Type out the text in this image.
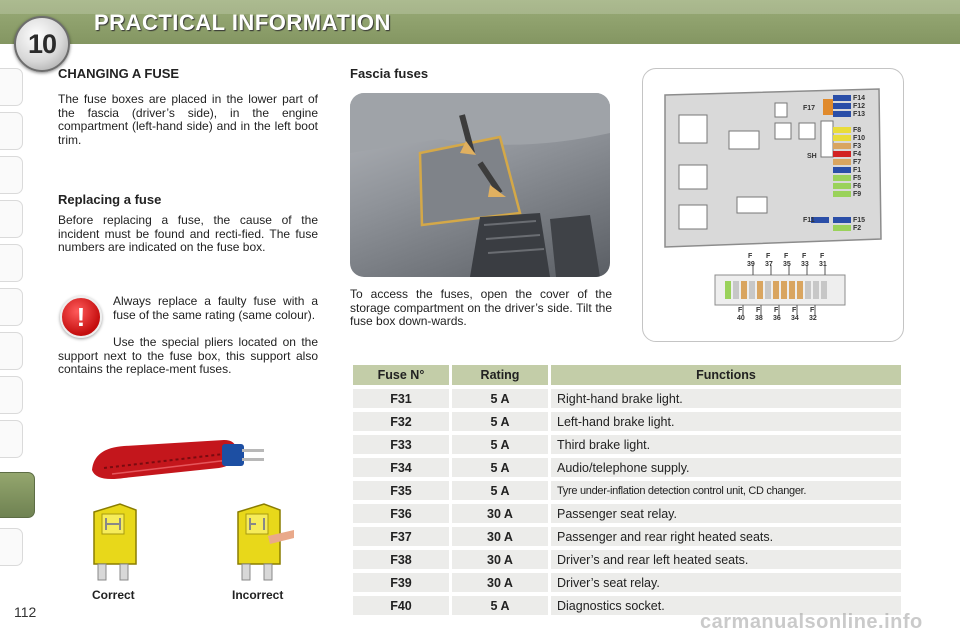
PRACTICAL INFORMATION
10
CHANGING A FUSE

The fuse boxes are placed in the lower part of the fascia (driver’s side), in the engine compartment (left-hand side) and in the left boot trim.

Replacing a fuse

Before replacing a fuse, the cause of the incident must be found and recti-fied. The fuse numbers are indicated on the fuse box.

!

Always replace a faulty fuse with a fuse of the same rating (same colour).

Use the special pliers located on the support next to the fuse box, this support also contains the replace-ment fuses.

Correct	Incorrect
Fascia fuses

To access the fuses, open the cover of the storage compartment on the driver’s side. Tilt the fuse box down-wards.

F14
F12
F13
F8
F10
F3
F4
F7
F1
F5
F6
F9
F15
F2
F17
SH
F11
F
39
F
37
F
35
F
33
F
31
F
40
F
38
F
36
F
34
F
32
Fuse N°	Rating	Functions
F31	5 A	Right-hand brake light.
F32	5 A	Left-hand brake light.
F33	5 A	Third brake light.
F34	5 A	Audio/telephone supply.
F35	5 A	Tyre under-inflation detection control unit, CD changer.
F36	30 A	Passenger seat relay.
F37	30 A	Passenger and rear right heated seats.
F38	30 A	Driver’s and rear left heated seats.
F39	30 A	Driver’s seat relay.
F40	5 A	Diagnostics socket.
112	carmanualsonline.info
